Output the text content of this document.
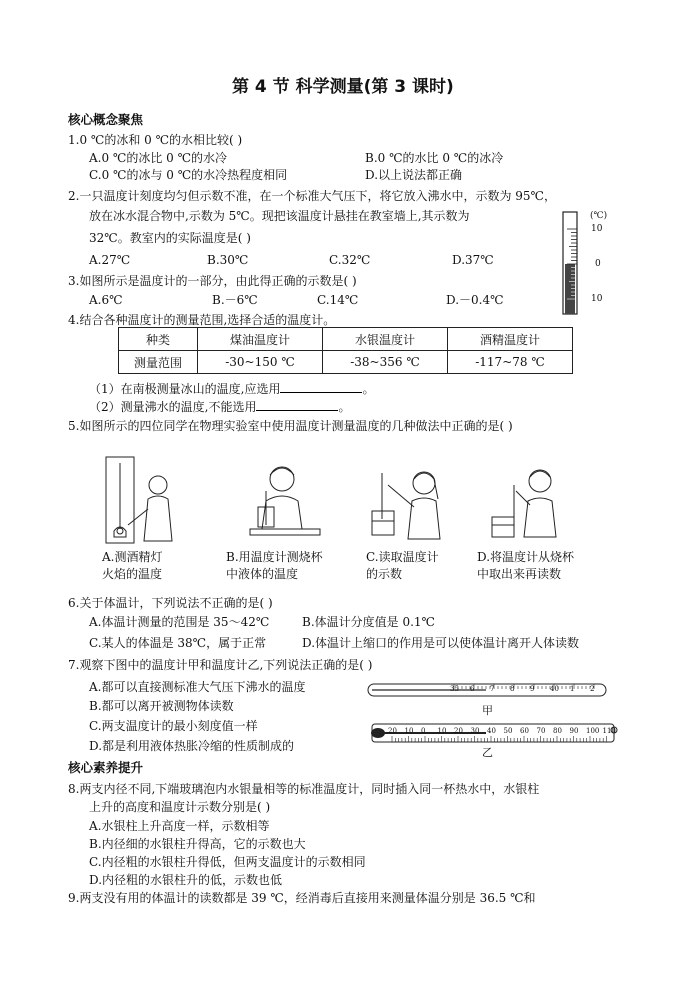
第 4 节 科学测量(第 3 课时)
核心概念聚焦
1.0 ℃的冰和 0 ℃的水相比较( )
A.0 ℃的冰比 0 ℃的水冷	B.0 ℃的水比 0 ℃的冰冷
C.0 ℃的冰与 0 ℃的水冷热程度相同	D.以上说法都正确
2.一只温度计刻度均匀但示数不准，在一个标准大气压下，将它放入沸水中，示数为 95℃，
放在冰水混合物中,示数为 5℃。现把该温度计悬挂在教室墙上,其示数为
32℃。教室内的实际温度是( )
A.27℃	B.30℃	C.32℃	D.37℃
(℃)
10
0
10
3.如图所示是温度计的一部分，由此得正确的示数是( )
A.6℃	B.－6℃	C.14℃	D.－0.4℃
4.结合各种温度计的测量范围,选择合适的温度计。
种类	煤油温度计	水银温度计	酒精温度计
测量范围	-30~150 ℃	-38~356 ℃	-117~78 ℃
（1）在南极测量冰山的温度,应选用	。
（2）测量沸水的温度,不能选用	。
5.如图所示的四位同学在物理实验室中使用温度计测量温度的几种做法中正确的是( )
A.测酒精灯
火焰的温度
B.用温度计测烧杯
中液体的温度
C.读取温度计
的示数
D.将温度计从烧杯
中取出来再读数
6.关于体温计，下列说法不正确的是( )
A.体温计测量的范围是 35～42℃	B.体温计分度值是 0.1℃
C.某人的体温是 38℃，属于正常	D.体温计上缩口的作用是可以使体温计离开人体读数
7.观察下图中的温度计甲和温度计乙,下列说法正确的是( )
A.都可以直接测标准大气压下沸水的温度
B.都可以离开被测物体读数
C.两支温度计的最小刻度值一样
D.都是利用液体热胀冷缩的性质制成的
35 6 7 8 9 40 1 2
甲
20 10 0 10 20 30 40 50 60 70 80 90 100 110
乙
核心素养提升
8.两支内径不同,下端玻璃泡内水银量相等的标准温度计，同时插入同一杯热水中，水银柱
上升的高度和温度计示数分别是( )
A.水银柱上升高度一样，示数相等
B.内径细的水银柱升得高，它的示数也大
C.内径粗的水银柱升得低，但两支温度计的示数相同
D.内径粗的水银柱升的低，示数也低
9.两支没有用的体温计的读数都是 39 ℃，经消毒后直接用来测量体温分别是 36.5 ℃和
